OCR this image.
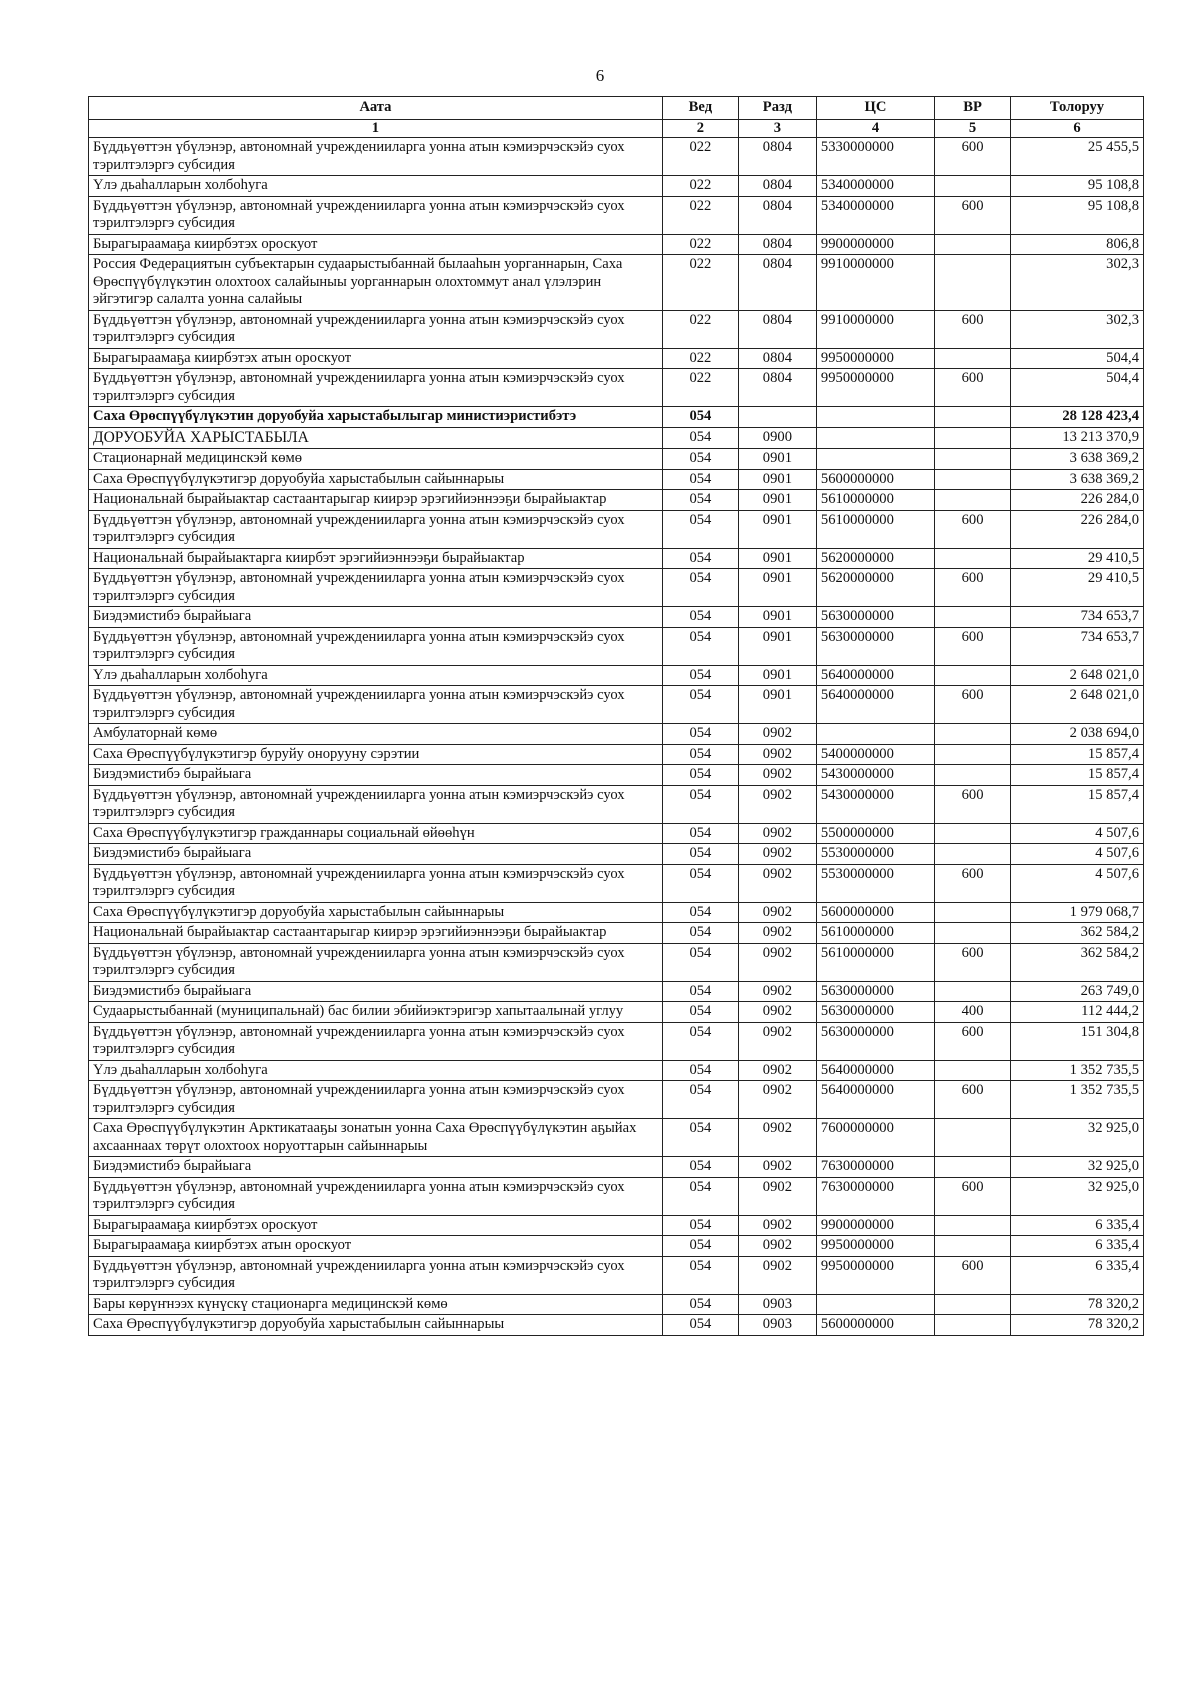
6
Аата	Вед	Разд	ЦС	ВР	Толоруу
1	2	3	4	5	6
Бүддьүөттэн үбүлэнэр, автономнай учрежденииларга уонна атын кэмиэрчэскэйэ суох тэрилтэлэргэ субсидия	022	0804	5330000000	600	25 455,5
Үлэ дьаһалларын холбоһуга	022	0804	5340000000		95 108,8
Бүддьүөттэн үбүлэнэр, автономнай учрежденииларга уонна атын кэмиэрчэскэйэ суох тэрилтэлэргэ субсидия	022	0804	5340000000	600	95 108,8
Бырагыраамаҕа киирбэтэх ороскуот	022	0804	9900000000		806,8
Россия Федерациятын субъектарын судаарыстыбаннай былааһын уорганнарын, Саха Өрөспүүбүлүкэтин олохтоох салайыныы уорганнарын олохтоммут анал үлэлэрин эйгэтигэр салалта уонна салайыы	022	0804	9910000000		302,3
Бүддьүөттэн үбүлэнэр, автономнай учрежденииларга уонна атын кэмиэрчэскэйэ суох тэрилтэлэргэ субсидия	022	0804	9910000000	600	302,3
Бырагыраамаҕа киирбэтэх атын ороскуот	022	0804	9950000000		504,4
Бүддьүөттэн үбүлэнэр, автономнай учрежденииларга уонна атын кэмиэрчэскэйэ суох тэрилтэлэргэ субсидия	022	0804	9950000000	600	504,4
Саха Өрөспүүбүлүкэтин доруобуйа харыстабылыгар министиэристибэтэ	054				28 128 423,4
ДОРУОБУЙА ХАРЫСТАБЫЛА	054	0900			13 213 370,9
Стационарнай медицинскэй көмө	054	0901			3 638 369,2
Саха Өрөспүүбүлүкэтигэр доруобуйа харыстабылын сайыннарыы	054	0901	5600000000		3 638 369,2
Национальнай бырайыактар састаантарыгар киирэр эрэгийиэннээҕи бырайыактар	054	0901	5610000000		226 284,0
Бүддьүөттэн үбүлэнэр, автономнай учрежденииларга уонна атын кэмиэрчэскэйэ суох тэрилтэлэргэ субсидия	054	0901	5610000000	600	226 284,0
Национальнай бырайыактарга киирбэт эрэгийиэннээҕи бырайыактар	054	0901	5620000000		29 410,5
Бүддьүөттэн үбүлэнэр, автономнай учрежденииларга уонна атын кэмиэрчэскэйэ суох тэрилтэлэргэ субсидия	054	0901	5620000000	600	29 410,5
Биэдэмистибэ бырайыага	054	0901	5630000000		734 653,7
Бүддьүөттэн үбүлэнэр, автономнай учрежденииларга уонна атын кэмиэрчэскэйэ суох тэрилтэлэргэ субсидия	054	0901	5630000000	600	734 653,7
Үлэ дьаһалларын холбоһуга	054	0901	5640000000		2 648 021,0
Бүддьүөттэн үбүлэнэр, автономнай учрежденииларга уонна атын кэмиэрчэскэйэ суох тэрилтэлэргэ субсидия	054	0901	5640000000	600	2 648 021,0
Амбулаторнай көмө	054	0902			2 038 694,0
Саха Өрөспүүбүлүкэтигэр буруйу онорууну сэрэтии	054	0902	5400000000		15 857,4
Биэдэмистибэ бырайыага	054	0902	5430000000		15 857,4
Бүддьүөттэн үбүлэнэр, автономнай учрежденииларга уонна атын кэмиэрчэскэйэ суох тэрилтэлэргэ субсидия	054	0902	5430000000	600	15 857,4
Саха Өрөспүүбүлүкэтигэр гражданнары социальнай өйөөһүн	054	0902	5500000000		4 507,6
Биэдэмистибэ бырайыага	054	0902	5530000000		4 507,6
Бүддьүөттэн үбүлэнэр, автономнай учрежденииларга уонна атын кэмиэрчэскэйэ суох тэрилтэлэргэ субсидия	054	0902	5530000000	600	4 507,6
Саха Өрөспүүбүлүкэтигэр доруобуйа харыстабылын сайыннарыы	054	0902	5600000000		1 979 068,7
Национальнай бырайыактар састаантарыгар киирэр эрэгийиэннээҕи бырайыактар	054	0902	5610000000		362 584,2
Бүддьүөттэн үбүлэнэр, автономнай учрежденииларга уонна атын кэмиэрчэскэйэ суох тэрилтэлэргэ субсидия	054	0902	5610000000	600	362 584,2
Биэдэмистибэ бырайыага	054	0902	5630000000		263 749,0
Судаарыстыбаннай (муниципальнай) бас билии эбийиэктэригэр хапытаалынай углуу	054	0902	5630000000	400	112 444,2
Бүддьүөттэн үбүлэнэр, автономнай учрежденииларга уонна атын кэмиэрчэскэйэ суох тэрилтэлэргэ субсидия	054	0902	5630000000	600	151 304,8
Үлэ дьаһалларын холбоһуга	054	0902	5640000000		1 352 735,5
Бүддьүөттэн үбүлэнэр, автономнай учрежденииларга уонна атын кэмиэрчэскэйэ суох тэрилтэлэргэ субсидия	054	0902	5640000000	600	1 352 735,5
Саха Өрөспүүбүлүкэтин Арктикатааҕы зонатын уонна Саха Өрөспүүбүлүкэтин аҕыйах ахсааннаах төрүт олохтоох норуоттарын сайыннарыы	054	0902	7600000000		32 925,0
Биэдэмистибэ бырайыага	054	0902	7630000000		32 925,0
Бүддьүөттэн үбүлэнэр, автономнай учрежденииларга уонна атын кэмиэрчэскэйэ суох тэрилтэлэргэ субсидия	054	0902	7630000000	600	32 925,0
Бырагыраамаҕа киирбэтэх ороскуот	054	0902	9900000000		6 335,4
Бырагыраамаҕа киирбэтэх атын ороскуот	054	0902	9950000000		6 335,4
Бүддьүөттэн үбүлэнэр, автономнай учрежденииларга уонна атын кэмиэрчэскэйэ суох тэрилтэлэргэ субсидия	054	0902	9950000000	600	6 335,4
Бары көрүҥнээх күнүскү стационарга медицинскэй көмө	054	0903			78 320,2
Саха Өрөспүүбүлүкэтигэр доруобуйа харыстабылын сайыннарыы	054	0903	5600000000		78 320,2
